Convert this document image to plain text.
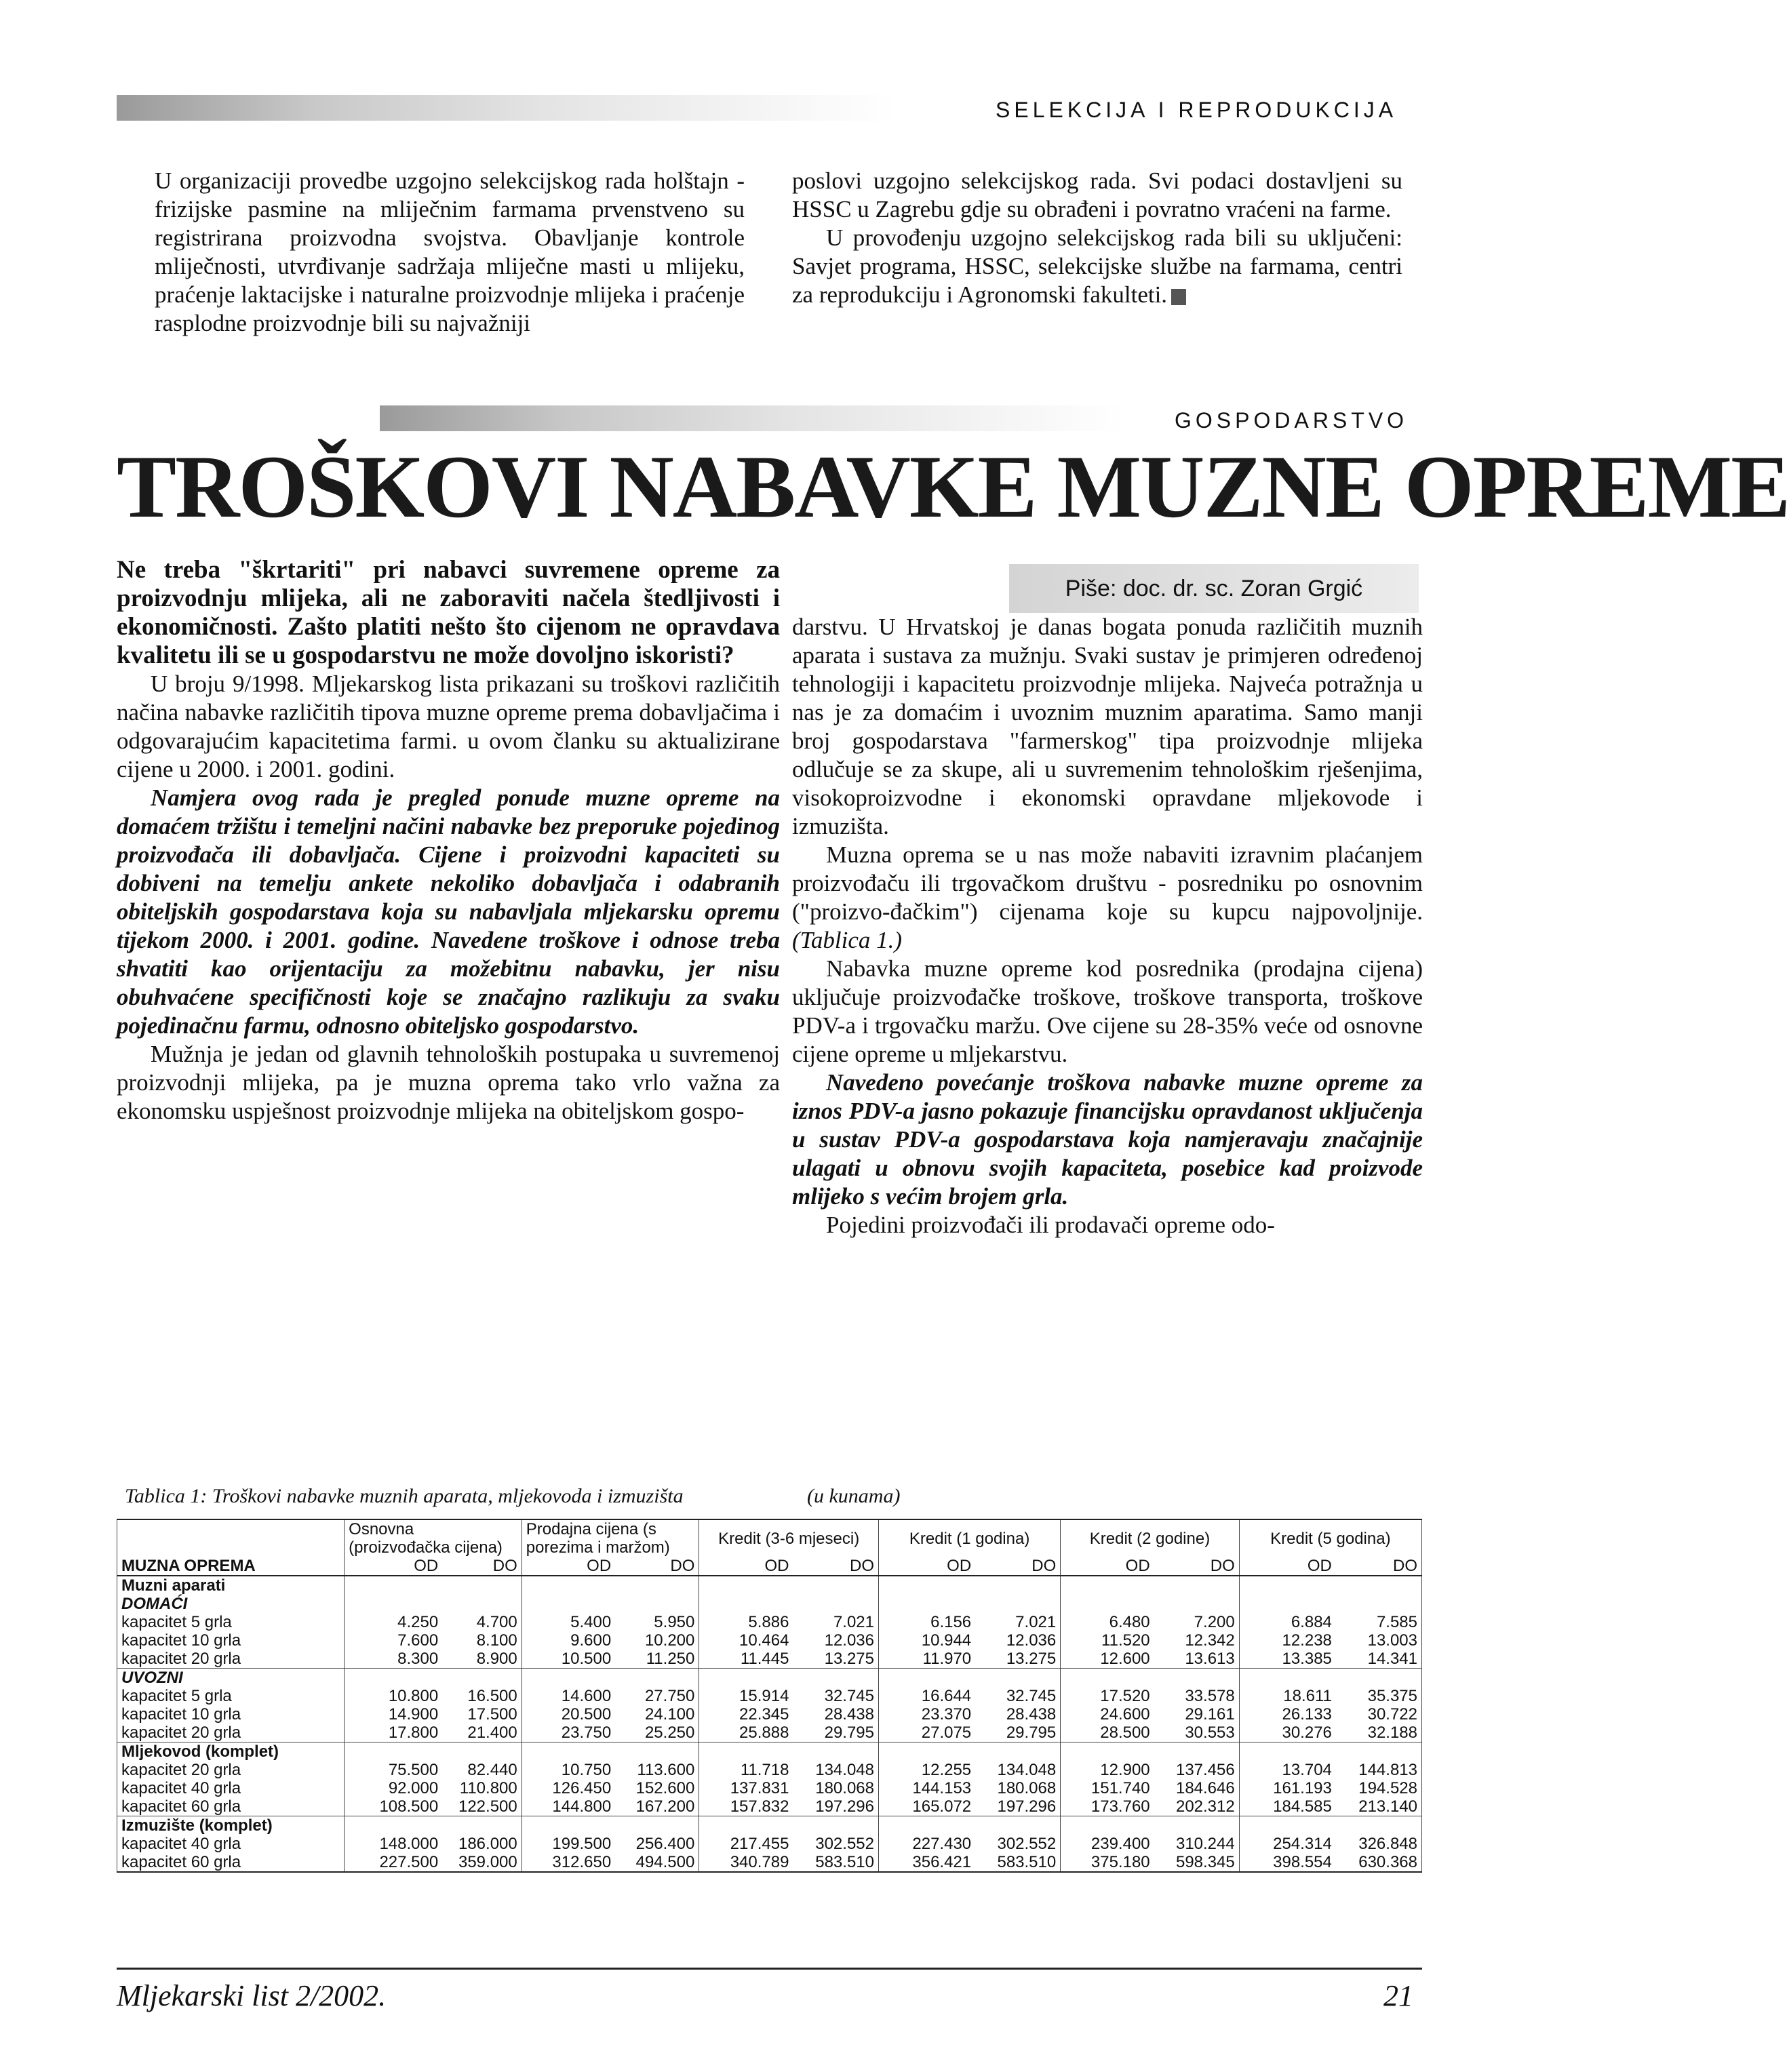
SELEKCIJA I REPRODUKCIJA

U organizaciji provedbe uzgojno selekcijskog rada holštajn - frizijske pasmine na mliječnim farmama prvenstveno su registrirana proizvodna svojstva. Obavljanje kontrole mliječnosti, utvrđivanje sadržaja mliječne masti u mlijeku, praćenje laktacijske i naturalne proizvodnje mlijeka i praćenje rasplodne proizvodnje bili su najvažniji

poslovi uzgojno selekcijskog rada. Svi podaci dostavljeni su HSSC u Zagrebu gdje su obrađeni i povratno vraćeni na farme.

U provođenju uzgojno selekcijskog rada bili su uključeni: Savjet programa, HSSC, selekcijske službe na farmama, centri za reprodukciju i Agronomski fakulteti.

GOSPODARSTVO
TROŠKOVI NABAVKE MUZNE OPREME
Piše: doc. dr. sc. Zoran Grgić

Ne treba "škrtariti" pri nabavci suvremene opreme za proizvodnju mlijeka, ali ne zaboraviti načela štedljivosti i ekonomičnosti. Zašto platiti nešto što cijenom ne opravdava kvalitetu ili se u gospodarstvu ne može dovoljno iskoristi?

U broju 9/1998. Mljekarskog lista prikazani su troškovi različitih načina nabavke različitih tipova muzne opreme prema dobavljačima i odgovarajućim kapacitetima farmi. u ovom članku su aktualizirane cijene u 2000. i 2001. godini.

Namjera ovog rada je pregled ponude muzne opreme na domaćem tržištu i temeljni načini nabavke bez preporuke pojedinog proizvođača ili dobavljača. Cijene i proizvodni kapaciteti su dobiveni na temelju ankete nekoliko dobavljača i odabranih obiteljskih gospodarstava koja su nabavljala mljekarsku opremu tijekom 2000. i 2001. godine. Navedene troškove i odnose treba shvatiti kao orijentaciju za možebitnu nabavku, jer nisu obuhvaćene specifičnosti koje se značajno razlikuju za svaku pojedinačnu farmu, odnosno obiteljsko gospodarstvo.

Mužnja je jedan od glavnih tehnoloških postupaka u suvremenoj proizvodnji mlijeka, pa je muzna oprema tako vrlo važna za ekonomsku uspješnost proizvodnje mlijeka na obiteljskom gospo-

darstvu. U Hrvatskoj je danas bogata ponuda različitih muznih aparata i sustava za mužnju. Svaki sustav je primjeren određenoj tehnologiji i kapacitetu proizvodnje mlijeka. Najveća potražnja u nas je za domaćim i uvoznim muznim aparatima. Samo manji broj gospodarstava "farmerskog" tipa proizvodnje mlijeka odlučuje se za skupe, ali u suvremenim tehnološkim rješenjima, visokoproizvodne i ekonomski opravdane mljekovode i izmuzišta.

Muzna oprema se u nas može nabaviti izravnim plaćanjem proizvođaču ili trgovačkom društvu - posredniku po osnovnim ("proizvo-đačkim") cijenama koje su kupcu najpovoljnije. (Tablica 1.)

Nabavka muzne opreme kod posrednika (prodajna cijena) uključuje proizvođačke troškove, troškove transporta, troškove PDV-a i trgovačku maržu. Ove cijene su 28-35% veće od osnovne cijene opreme u mljekarstvu.

Navedeno povećanje troškova nabavke muzne opreme za iznos PDV-a jasno pokazuje financijsku opravdanost uključenja u sustav PDV-a gospodarstava koja namjeravaju značajnije ulagati u obnovu svojih kapaciteta, posebice kad proizvode mlijeko s većim brojem grla.

Pojedini proizvođači ili prodavači opreme odo-

Tablica 1: Troškovi nabavke muznih aparata, mljekovoda i izmuzišta	(u kunama)
	Osnovna (proizvođačka cijena)		Prodajna cijena (s porezima i maržom)		Kredit (3-6 mjeseci)		Kredit (1 godina)		Kredit (2 godine)		Kredit (5 godina)	
MUZNA OPREMA	OD	DO	OD	DO	OD	DO	OD	DO	OD	DO	OD	DO
Muzni aparati												
DOMAĆI												
kapacitet 5 grla	4.250	4.700	5.400	5.950	5.886	7.021	6.156	7.021	6.480	7.200	6.884	7.585
kapacitet 10 grla	7.600	8.100	9.600	10.200	10.464	12.036	10.944	12.036	11.520	12.342	12.238	13.003
kapacitet 20 grla	8.300	8.900	10.500	11.250	11.445	13.275	11.970	13.275	12.600	13.613	13.385	14.341
UVOZNI												
kapacitet 5 grla	10.800	16.500	14.600	27.750	15.914	32.745	16.644	32.745	17.520	33.578	18.611	35.375
kapacitet 10 grla	14.900	17.500	20.500	24.100	22.345	28.438	23.370	28.438	24.600	29.161	26.133	30.722
kapacitet 20 grla	17.800	21.400	23.750	25.250	25.888	29.795	27.075	29.795	28.500	30.553	30.276	32.188
Mljekovod (komplet)												
kapacitet 20 grla	75.500	82.440	10.750	113.600	11.718	134.048	12.255	134.048	12.900	137.456	13.704	144.813
kapacitet 40 grla	92.000	110.800	126.450	152.600	137.831	180.068	144.153	180.068	151.740	184.646	161.193	194.528
kapacitet 60 grla	108.500	122.500	144.800	167.200	157.832	197.296	165.072	197.296	173.760	202.312	184.585	213.140
Izmuzište (komplet)												
kapacitet 40 grla	148.000	186.000	199.500	256.400	217.455	302.552	227.430	302.552	239.400	310.244	254.314	326.848
kapacitet 60 grla	227.500	359.000	312.650	494.500	340.789	583.510	356.421	583.510	375.180	598.345	398.554	630.368
Mljekarski list 2/2002.	21
